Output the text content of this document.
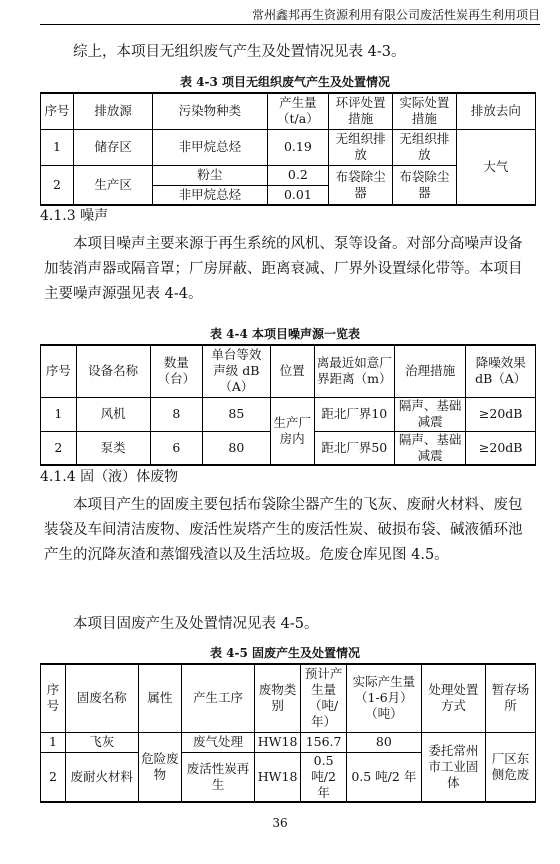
常州鑫邦再生资源利用有限公司废活性炭再生利用项目
综上，本项目无组织废气产生及处置情况见表 4-3。
表 4-3 项目无组织废气产生及处置情况
序号	排放源	污染物种类	产生量（t/a）	环评处置措施	实际处置措施	排放去向
1	储存区	非甲烷总烃	0.19	无组织排放	无组织排放	大气
2	生产区	粉尘	0.2	布袋除尘器	布袋除尘器	
		非甲烷总烃	0.01			
4.1.3 噪声
本项目噪声主要来源于再生系统的风机、泵等设备。对部分高噪声设备加装消声器或隔音罩；厂房屏蔽、距离衰减、厂界外设置绿化带等。本项目主要噪声源强见表 4-4。
表 4-4 本项目噪声源一览表
序号	设备名称	数量（台）	单台等效声级 dB（A）	位置	离最近如意厂界距离（m）	治理措施	降噪效果 dB（A）
1	风机	8	85	生产厂房内	距北厂界10	隔声、基础减震	≥20dB
2	泵类	6	80		距北厂界50	隔声、基础减震	≥20dB
4.1.4 固（液）体废物
本项目产生的固废主要包括布袋除尘器产生的飞灰、废耐火材料、废包装袋及车间清洁废物、废活性炭塔产生的废活性炭、破损布袋、碱液循环池产生的沉降灰渣和蒸馏残渣以及生活垃圾。危废仓库见图 4.5。
本项目固废产生及处置情况见表 4-5。
表 4-5 固废产生及处置情况
序号	固废名称	属性	产生工序	废物类别	预计产生量（吨/年）	实际产生量（1-6月）（吨）	处理处置方式	暂存场所
1	飞灰	危险废物	废气处理	HW18	156.7	80	委托常州市工业固体	厂区东侧危废
2	废耐火材料		废活性炭再生	HW18	0.5 吨/2 年	0.5 吨/2 年		
36
